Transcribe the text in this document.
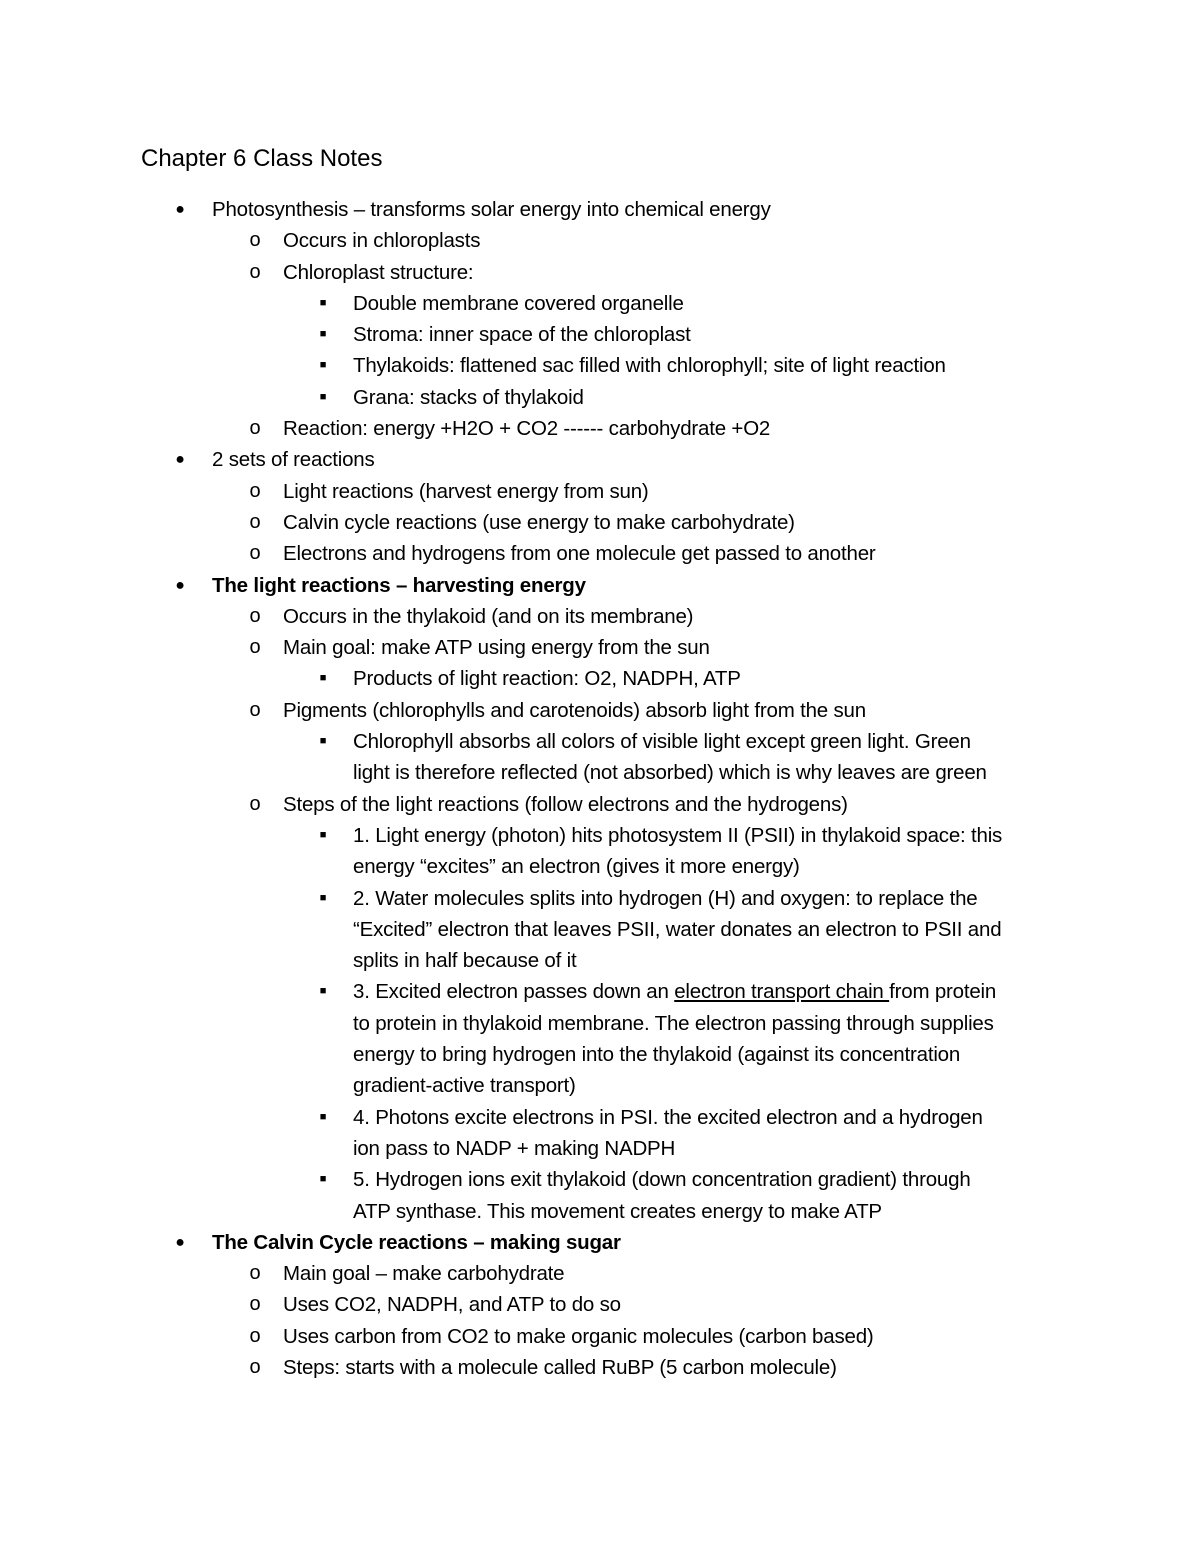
Chapter 6 Class Notes
● Photosynthesis – transforms solar energy into chemical energy
o Occurs in chloroplasts
o Chloroplast structure:
■	Double membrane covered organelle
■	Stroma: inner space of the chloroplast
■	Thylakoids: flattened sac filled with chlorophyll; site of light reaction
■	Grana: stacks of thylakoid
o Reaction: energy +H2O + CO2 ------ carbohydrate +O2
● 2 sets of reactions
o Light reactions (harvest energy from sun)
o Calvin cycle reactions (use energy to make carbohydrate)
o Electrons and hydrogens from one molecule get passed to another
● The light reactions – harvesting energy
o Occurs in the thylakoid (and on its membrane)
o Main goal: make ATP using energy from the sun
■	Products of light reaction: O2, NADPH, ATP
o Pigments (chlorophylls and carotenoids) absorb light from the sun
■	Chlorophyll absorbs all colors of visible light except green light. Green
light is therefore reflected (not absorbed) which is why leaves are green
o Steps of the light reactions (follow electrons and the hydrogens)
■	1. Light energy (photon) hits photosystem II (PSII) in thylakoid space: this
energy “excites” an electron (gives it more energy)
■	2. Water molecules splits into hydrogen (H) and oxygen: to replace the
“Excited” electron that leaves PSII, water donates an electron to PSII and
splits in half because of it
■	3. Excited electron passes down an electron transport chain from protein
to protein in thylakoid membrane. The electron passing through supplies
energy to bring hydrogen into the thylakoid (against its concentration
gradient-active transport)
■	4. Photons excite electrons in PSI. the excited electron and a hydrogen
ion pass to NADP + making NADPH
■	5. Hydrogen ions exit thylakoid (down concentration gradient) through
ATP synthase. This movement creates energy to make ATP
● The Calvin Cycle reactions – making sugar
o Main goal – make carbohydrate
o Uses CO2, NADPH, and ATP to do so
o Uses carbon from CO2 to make organic molecules (carbon based)
o Steps: starts with a molecule called RuBP (5 carbon molecule)
